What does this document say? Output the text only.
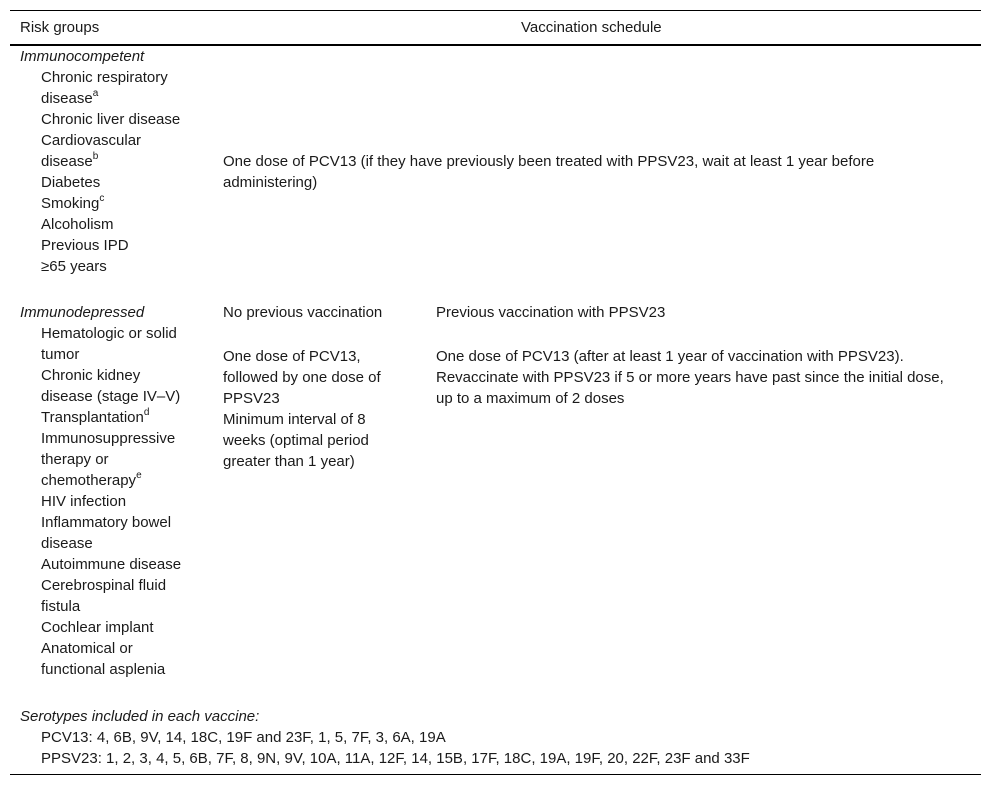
Risk groups	Vaccination schedule
Immunocompetent
Chronic respiratory disease$^a$
Chronic liver disease
Cardiovascular disease$^b$
Diabetes
Smoking$^c$
Alcoholism
Previous IPD
≥65 years
One dose of PCV13 (if they have previously been treated with PPSV23, wait at least 1 year before administering)
Immunodepressed
Hematologic or solid tumor
Chronic kidney disease (stage IV–V)
Transplantation$^d$
Immunosuppressive therapy or chemotherapy$^e$
HIV infection
Inflammatory bowel disease
Autoimmune disease
Cerebrospinal fluid fistula
Cochlear implant
Anatomical or functional asplenia
No previous vaccination
One dose of PCV13, followed by one dose of PPSV23
Minimum interval of 8 weeks (optimal period greater than 1 year)
Previous vaccination with PPSV23
One dose of PCV13 (after at least 1 year of vaccination with PPSV23). Revaccinate with PPSV23 if 5 or more years have past since the initial dose, up to a maximum of 2 doses
Serotypes included in each vaccine:
PCV13: 4, 6B, 9V, 14, 18C, 19F and 23F, 1, 5, 7F, 3, 6A, 19A
PPSV23: 1, 2, 3, 4, 5, 6B, 7F, 8, 9N, 9V, 10A, 11A, 12F, 14, 15B, 17F, 18C, 19A, 19F, 20, 22F, 23F and 33F
